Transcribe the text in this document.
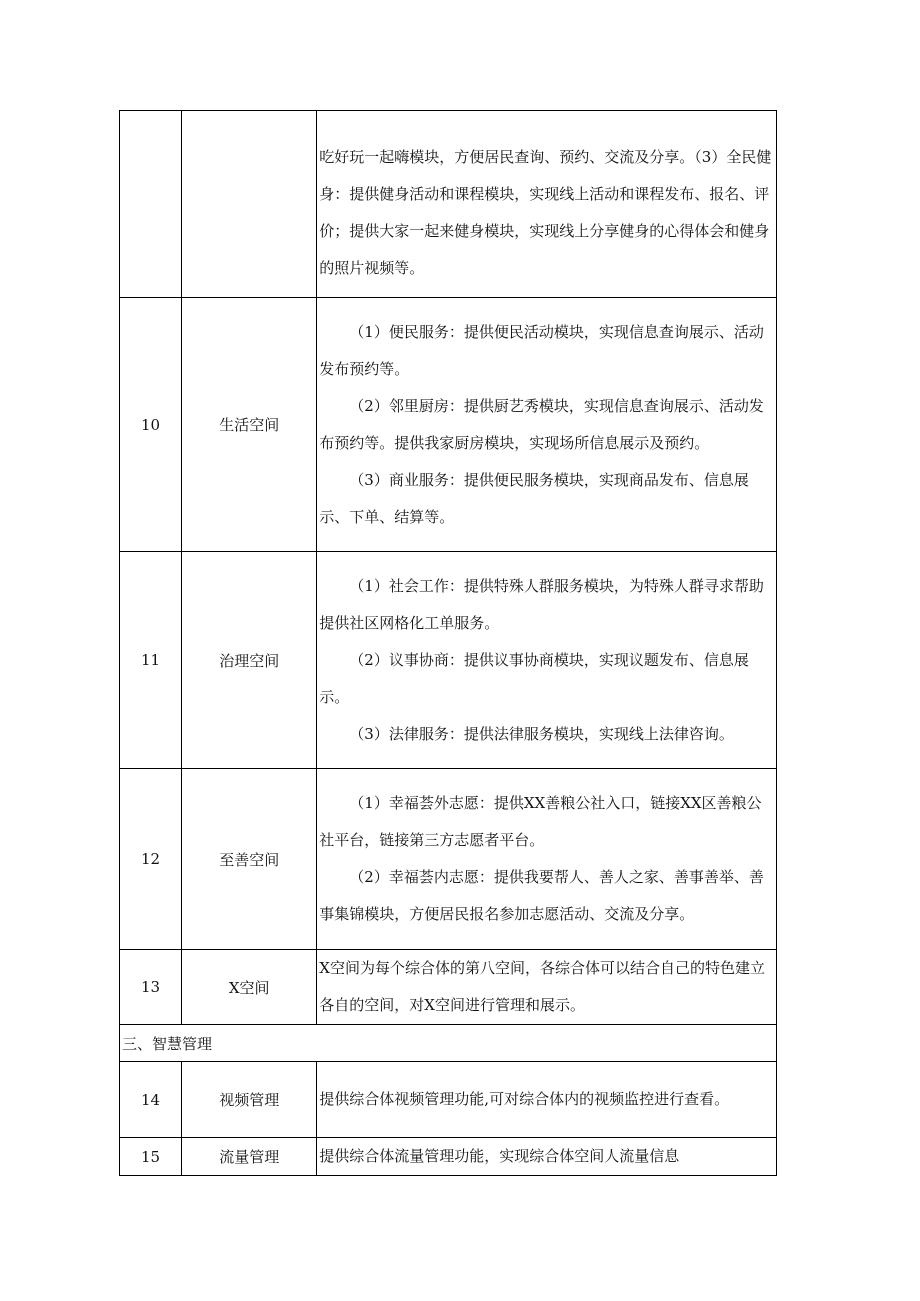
		吃好玩一起嗨模块，方便居民查询、预约、交流及分享。（3）全民健身：提供健身活动和课程模块，实现线上活动和课程发布、报名、评价；提供大家一起来健身模块，实现线上分享健身的心得体会和健身的照片视频等。

10	生活空间	（1）便民服务：提供便民活动模块，实现信息查询展示、活动发布预约等。

（2）邻里厨房：提供厨艺秀模块，实现信息查询展示、活动发布预约等。提供我家厨房模块，实现场所信息展示及预约。

（3）商业服务：提供便民服务模块，实现商品发布、信息展示、下单、结算等。

11	治理空间	（1）社会工作：提供特殊人群服务模块，为特殊人群寻求帮助提供社区网格化工单服务。

（2）议事协商：提供议事协商模块，实现议题发布、信息展示。

（3）法律服务：提供法律服务模块，实现线上法律咨询。

12	至善空间	（1）幸福荟外志愿：提供XX善粮公社入口，链接XX区善粮公社平台，链接第三方志愿者平台。

（2）幸福荟内志愿：提供我要帮人、善人之家、善事善举、善事集锦模块，方便居民报名参加志愿活动、交流及分享。

13	X空间	X空间为每个综合体的第八空间，各综合体可以结合自己的特色建立各自的空间，对X空间进行管理和展示。

三、智慧管理		
14	视频管理	提供综合体视频管理功能,可对综合体内的视频监控进行查看。

15	流量管理	提供综合体流量管理功能，实现综合体空间人流量信息
